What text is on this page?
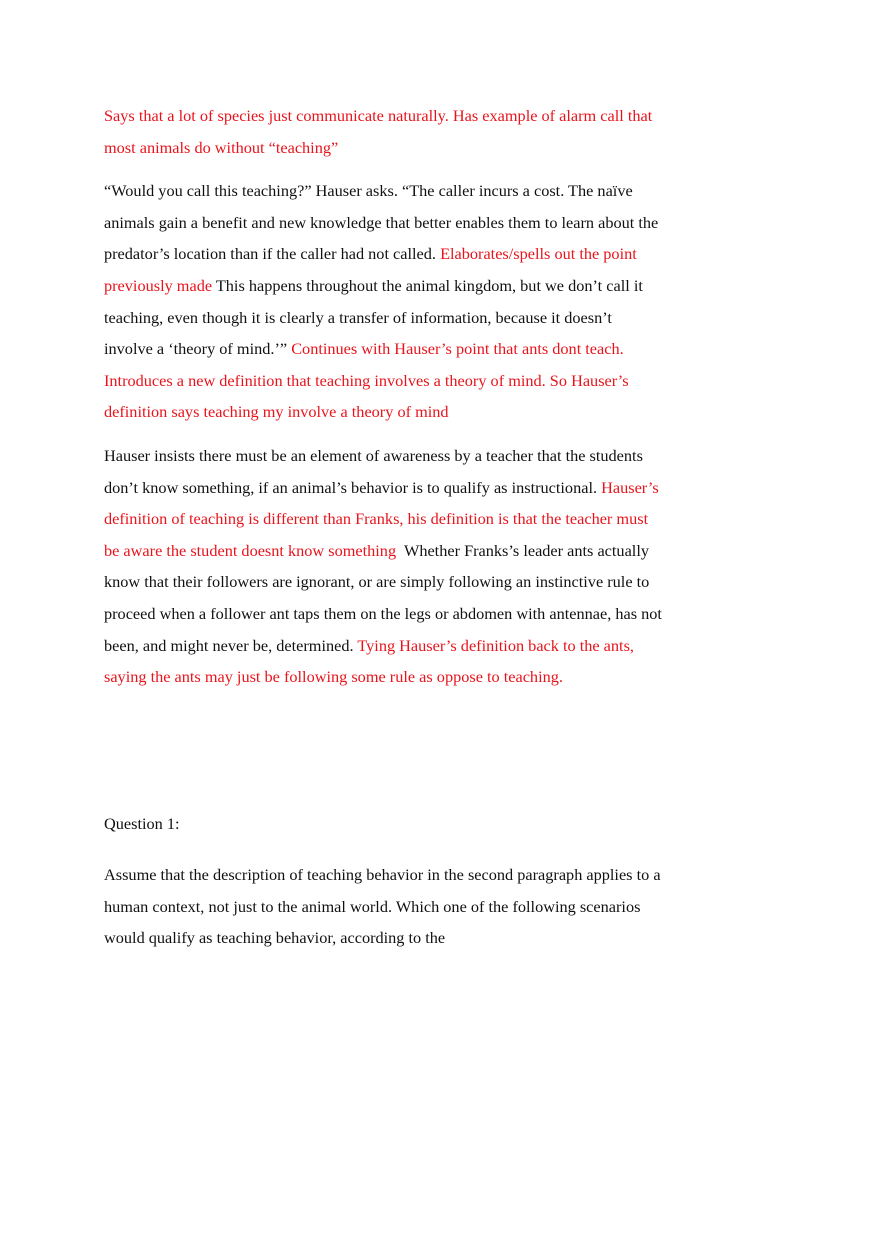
Says that a lot of species just communicate naturally. Has example of alarm call that most animals do without “teaching”

“Would you call this teaching?” Hauser asks. “The caller incurs a cost. The naïve animals gain a benefit and new knowledge that better enables them to learn about the predator’s location than if the caller had not called. Elaborates/spells out the point previously made This happens throughout the animal kingdom, but we don’t call it teaching, even though it is clearly a transfer of information, because it doesn’t involve a ‘theory of mind.’” Continues with Hauser’s point that ants dont teach. Introduces a new definition that teaching involves a theory of mind. So Hauser’s definition says teaching my involve a theory of mind

Hauser insists there must be an element of awareness by a teacher that the students don’t know something, if an animal’s behavior is to qualify as instructional. Hauser’s definition of teaching is different than Franks, his definition is that the teacher must be aware the student doesnt know something Whether Franks’s leader ants actually know that their followers are ignorant, or are simply following an instinctive rule to proceed when a follower ant taps them on the legs or abdomen with antennae, has not been, and might never be, determined. Tying Hauser’s definition back to the ants, saying the ants may just be following some rule as oppose to teaching.

Question 1:

Assume that the description of teaching behavior in the second paragraph applies to a human context, not just to the animal world. Which one of the following scenarios would qualify as teaching behavior, according to the
